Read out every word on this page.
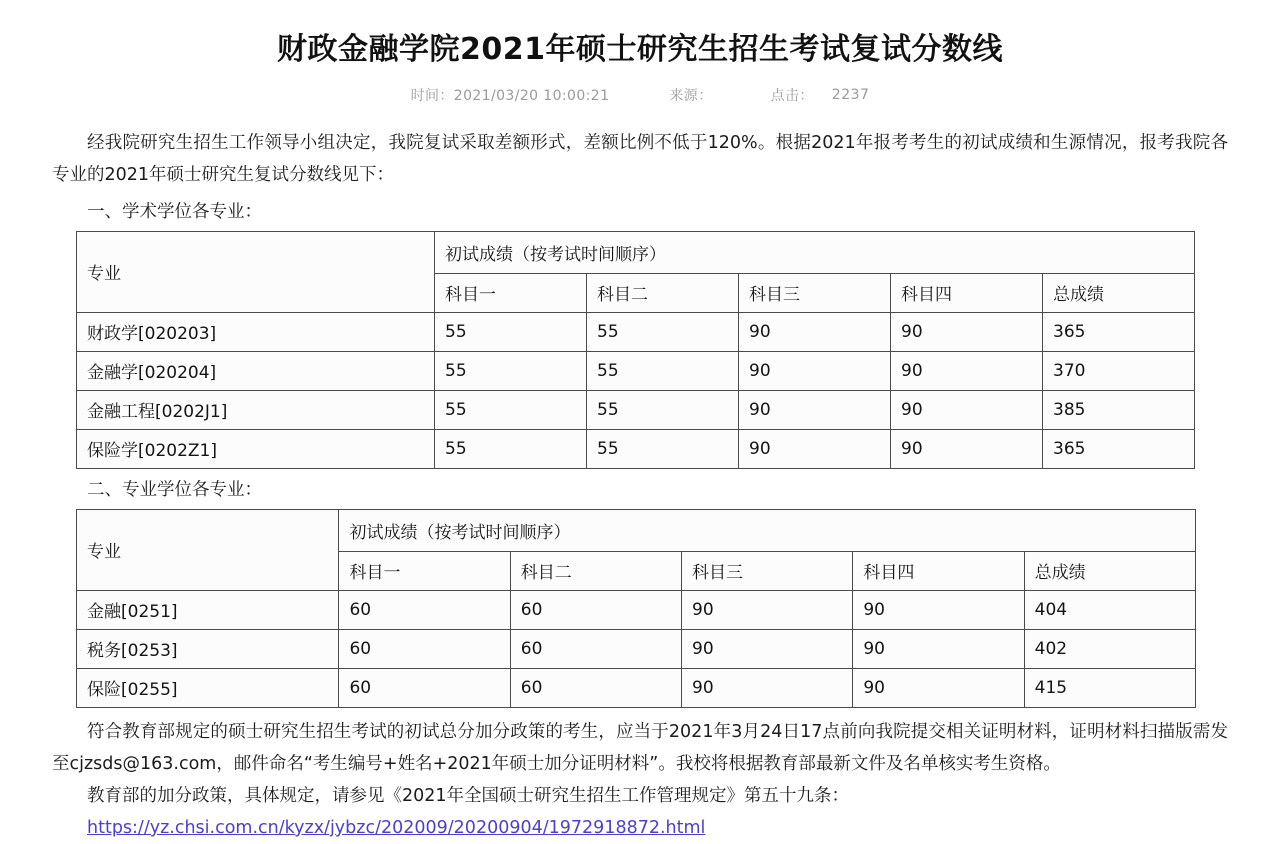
财政金融学院2021年硕士研究生招生考试复试分数线
时间：2021/03/20 10:00:21	来源：	点击： 2237

经我院研究生招生工作领导小组决定，我院复试采取差额形式，差额比例不低于120%。根据2021年报考考生的初试成绩和生源情况，报考我院各专业的2021年硕士研究生复试分数线见下：

一、学术学位各专业：

专业	初试成绩（按考试时间顺序）				
	科目一	科目二	科目三	科目四	总成绩
财政学[020203]	55	55	90	90	365
金融学[020204]	55	55	90	90	370
金融工程[0202J1]	55	55	90	90	385
保险学[0202Z1]	55	55	90	90	365

二、专业学位各专业：

专业	初试成绩（按考试时间顺序）				
	科目一	科目二	科目三	科目四	总成绩
金融[0251]	60	60	90	90	404
税务[0253]	60	60	90	90	402
保险[0255]	60	60	90	90	415

符合教育部规定的硕士研究生招生考试的初试总分加分政策的考生，应当于2021年3月24日17点前向我院提交相关证明材料，证明材料扫描版需发至cjzsds@163.com，邮件命名“考生编号+姓名+2021年硕士加分证明材料”。我校将根据教育部最新文件及名单核实考生资格。

教育部的加分政策，具体规定，请参见《2021年全国硕士研究生招生工作管理规定》第五十九条：

https://yz.chsi.com.cn/kyzx/jybzc/202009/20200904/1972918872.html
